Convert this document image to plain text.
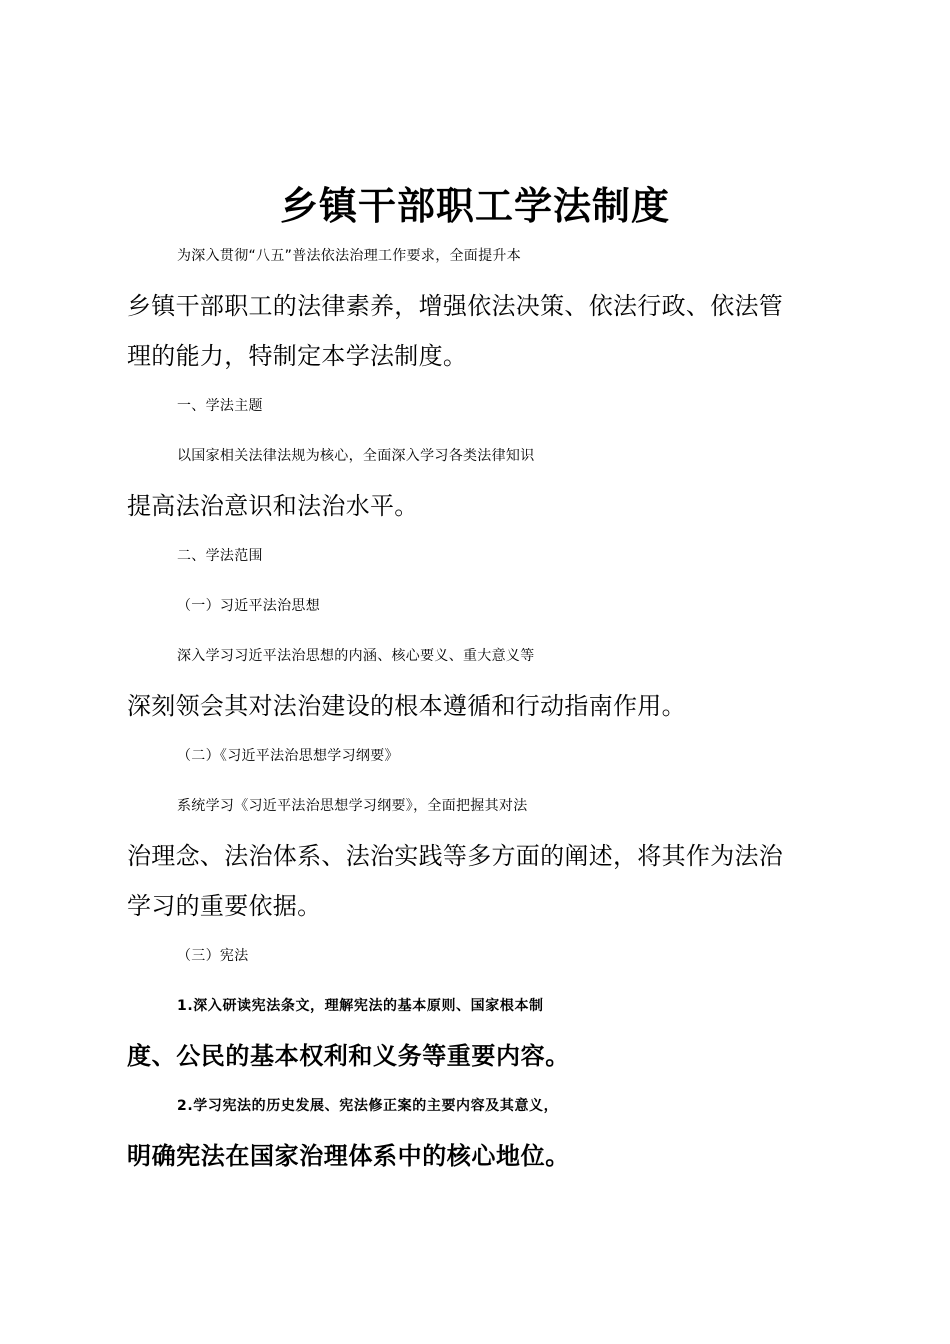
乡镇干部职工学法制度

为深入贯彻“八五”普法依法治理工作要求，全面提升本
乡镇干部职工的法律素养，增强依法决策、依法行政、依法管
理的能力，特制定本学法制度。

一、学法主题

以国家相关法律法规为核心，全面深入学习各类法律知识
提高法治意识和法治水平。

二、学法范围

（一）习近平法治思想

深入学习习近平法治思想的内涵、核心要义、重大意义等
深刻领会其对法治建设的根本遵循和行动指南作用。

（二）《习近平法治思想学习纲要》

系统学习《习近平法治思想学习纲要》，全面把握其对法
治理念、法治体系、法治实践等多方面的阐述，将其作为法治
学习的重要依据。

（三）宪法

1.深入研读宪法条文，理解宪法的基本原则、国家根本制
度、公民的基本权利和义务等重要内容。

2.学习宪法的历史发展、宪法修正案的主要内容及其意义，
明确宪法在国家治理体系中的核心地位。
